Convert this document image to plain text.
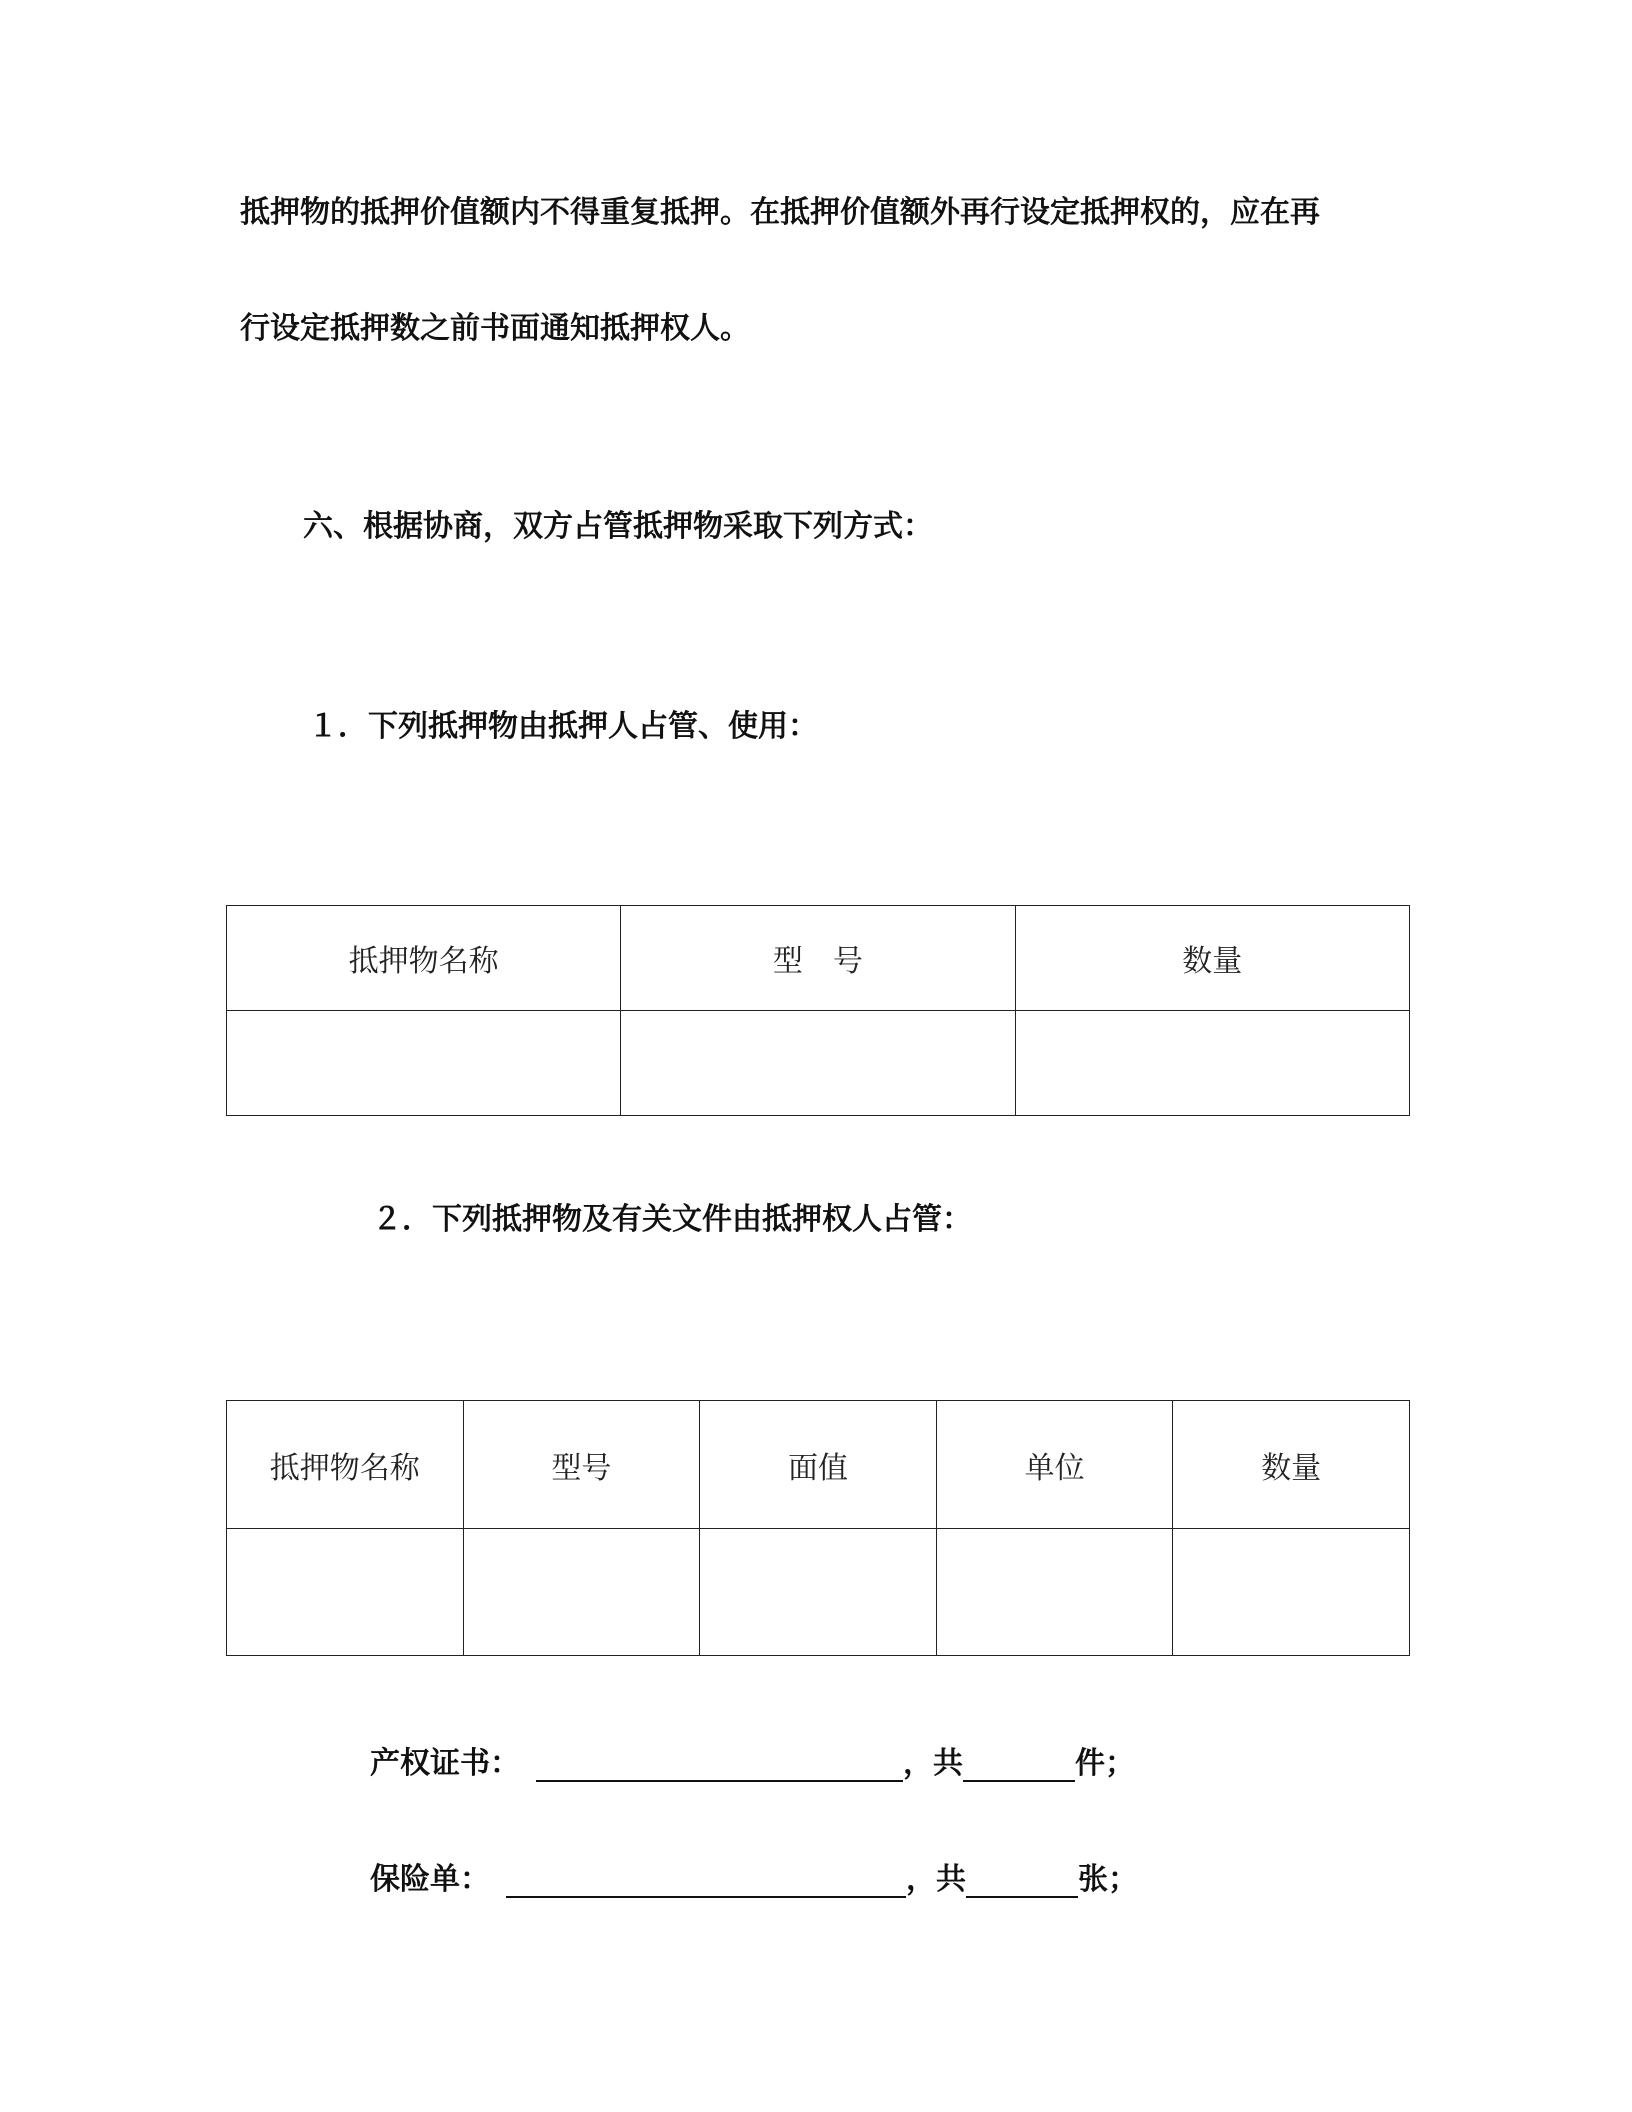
抵押物的抵押价值额内不得重复抵押。在抵押价值额外再行设定抵押权的，应在再

行设定抵押数之前书面通知抵押权人。

六、根据协商，双方占管抵押物采取下列方式：

１．下列抵押物由抵押人占管、使用：

抵押物名称	型　号	数量

２．下列抵押物及有关文件由抵押权人占管：

抵押物名称	型号	面值	单位	数量

产权证书：	，共	件；
保险单：	，共	张；
